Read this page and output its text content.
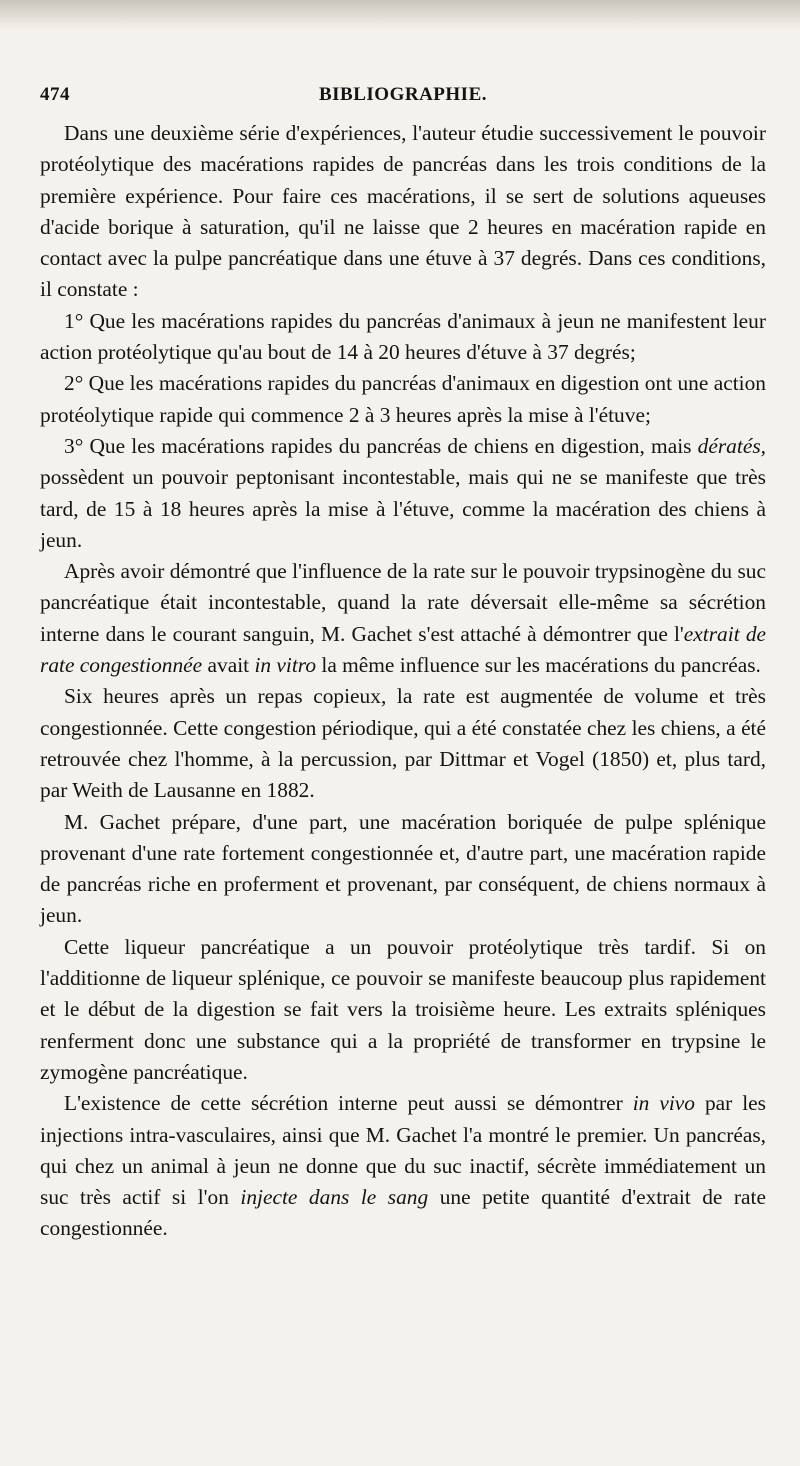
474	BIBLIOGRAPHIE.

Dans une deuxième série d'expériences, l'auteur étudie successivement le pouvoir protéolytique des macérations rapides de pancréas dans les trois conditions de la première expérience. Pour faire ces macérations, il se sert de solutions aqueuses d'acide borique à saturation, qu'il ne laisse que 2 heures en macération rapide en contact avec la pulpe pancréatique dans une étuve à 37 degrés. Dans ces conditions, il constate :

1° Que les macérations rapides du pancréas d'animaux à jeun ne manifestent leur action protéolytique qu'au bout de 14 à 20 heures d'étuve à 37 degrés;

2° Que les macérations rapides du pancréas d'animaux en digestion ont une action protéolytique rapide qui commence 2 à 3 heures après la mise à l'étuve;

3° Que les macérations rapides du pancréas de chiens en digestion, mais dératés, possèdent un pouvoir peptonisant incontestable, mais qui ne se manifeste que très tard, de 15 à 18 heures après la mise à l'étuve, comme la macération des chiens à jeun.

Après avoir démontré que l'influence de la rate sur le pouvoir trypsinogène du suc pancréatique était incontestable, quand la rate déversait elle-même sa sécrétion interne dans le courant sanguin, M. Gachet s'est attaché à démontrer que l'extrait de rate congestionnée avait in vitro la même influence sur les macérations du pancréas.

Six heures après un repas copieux, la rate est augmentée de volume et très congestionnée. Cette congestion périodique, qui a été constatée chez les chiens, a été retrouvée chez l'homme, à la percussion, par Dittmar et Vogel (1850) et, plus tard, par Weith de Lausanne en 1882.

M. Gachet prépare, d'une part, une macération boriquée de pulpe splénique provenant d'une rate fortement congestionnée et, d'autre part, une macération rapide de pancréas riche en proferment et provenant, par conséquent, de chiens normaux à jeun.

Cette liqueur pancréatique a un pouvoir protéolytique très tardif. Si on l'additionne de liqueur splénique, ce pouvoir se manifeste beaucoup plus rapidement et le début de la digestion se fait vers la troisième heure. Les extraits spléniques renferment donc une substance qui a la propriété de transformer en trypsine le zymogène pancréatique.

L'existence de cette sécrétion interne peut aussi se démontrer in vivo par les injections intra-vasculaires, ainsi que M. Gachet l'a montré le premier. Un pancréas, qui chez un animal à jeun ne donne que du suc inactif, sécrète immédiatement un suc très actif si l'on injecte dans le sang une petite quantité d'extrait de rate congestionnée.
